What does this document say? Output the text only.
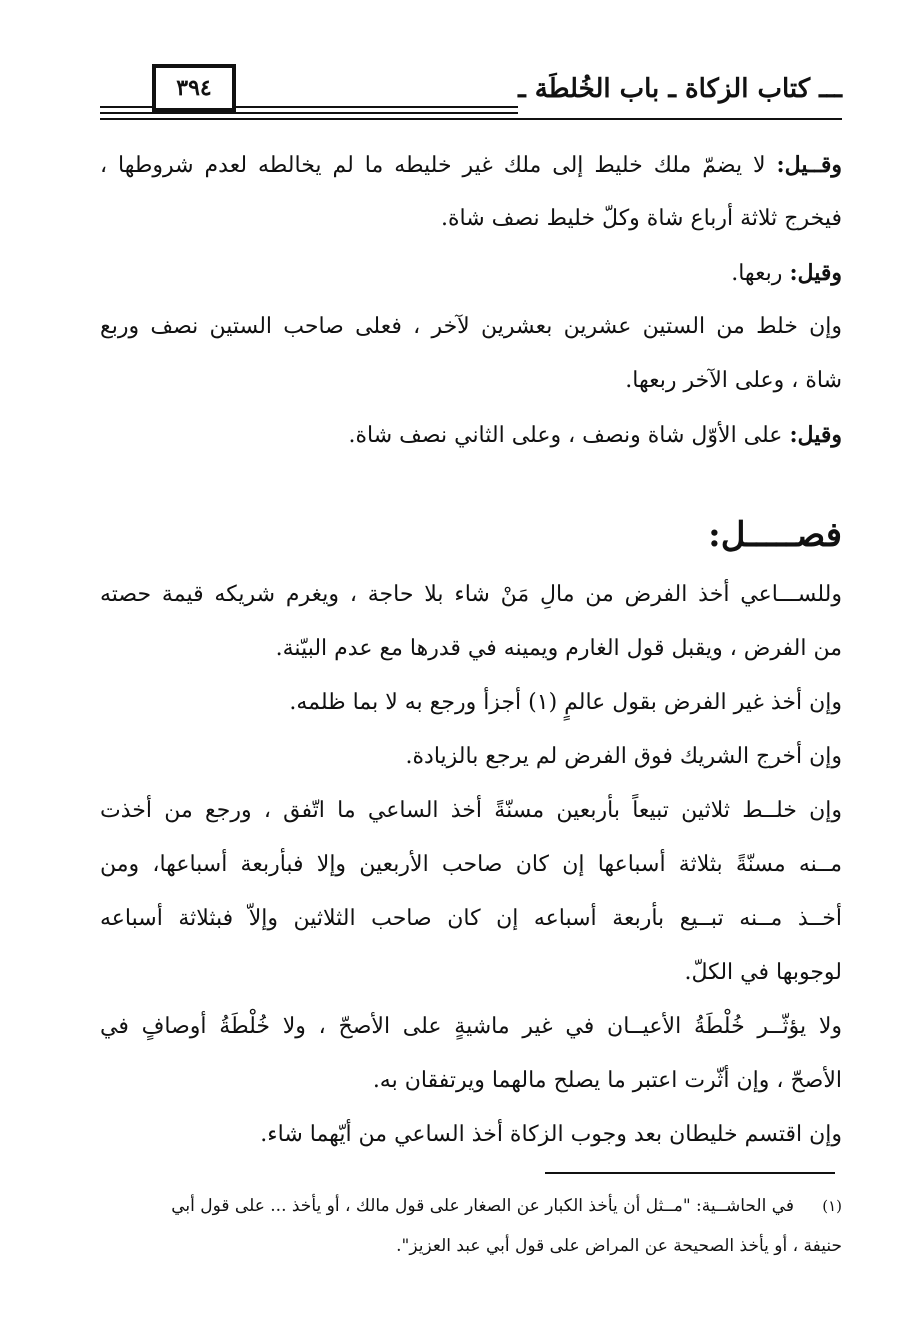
٣٩٤	ـــ كتاب الزكاة ـ باب الخُلطَة ـ
وقــيل: لا يضمّ ملك خليط إلى ملك غير خليطه ما لم يخالطه لعدم شروطها ،
فيخرج ثلاثة أرباع شاة وكلّ خليط نصف شاة.
وقيل: ربعها.
وإن خلط من الستين عشرين بعشرين لآخر ، فعلى صاحب الستين نصف وربع
شاة ، وعلى الآخر ربعها.
وقيل: على الأوّل شاة ونصف ، وعلى الثاني نصف شاة.
فصـــــل:
وللســـاعي أخذ الفرض من مالِ مَنْ شاء بلا حاجة ، ويغرم شريكه قيمة حصته
من الفرض ، ويقبل قول الغارم ويمينه في قدرها مع عدم البيّنة.
وإن أخذ غير الفرض بقول عالمٍ (١) أجزأ ورجع به لا بما ظلمه.
وإن أخرج الشريك فوق الفرض لم يرجع بالزيادة.
وإن خلــط ثلاثين تبيعاً بأربعين مسنّةً أخذ الساعي ما اتّفق ، ورجع من أخذت
مــنه مسنّةً بثلاثة أسباعها إن كان صاحب الأربعين وإلا فبأربعة أسباعها، ومن
أخــذ مــنه تبــيع بأربعة أسباعه إن كان صاحب الثلاثين وإلاّ فبثلاثة أسباعه
لوجوبها في الكلّ.
ولا يؤثّــر خُلْطَةُ الأعيــان في غير ماشيةٍ على الأصحّ ، ولا خُلْطَةُ أوصافٍ في
الأصحّ ، وإن أثّرت اعتبر ما يصلح مالهما ويرتفقان به.
وإن اقتسم خليطان بعد وجوب الزكاة أخذ الساعي من أيّهما شاء.
(١)
في الحاشــية: "مــثل أن يأخذ الكبار عن الصغار على قول مالك ، أو يأخذ ... على قول أبي
حنيفة ، أو يأخذ الصحيحة عن المراض على قول أبي عبد العزيز".
